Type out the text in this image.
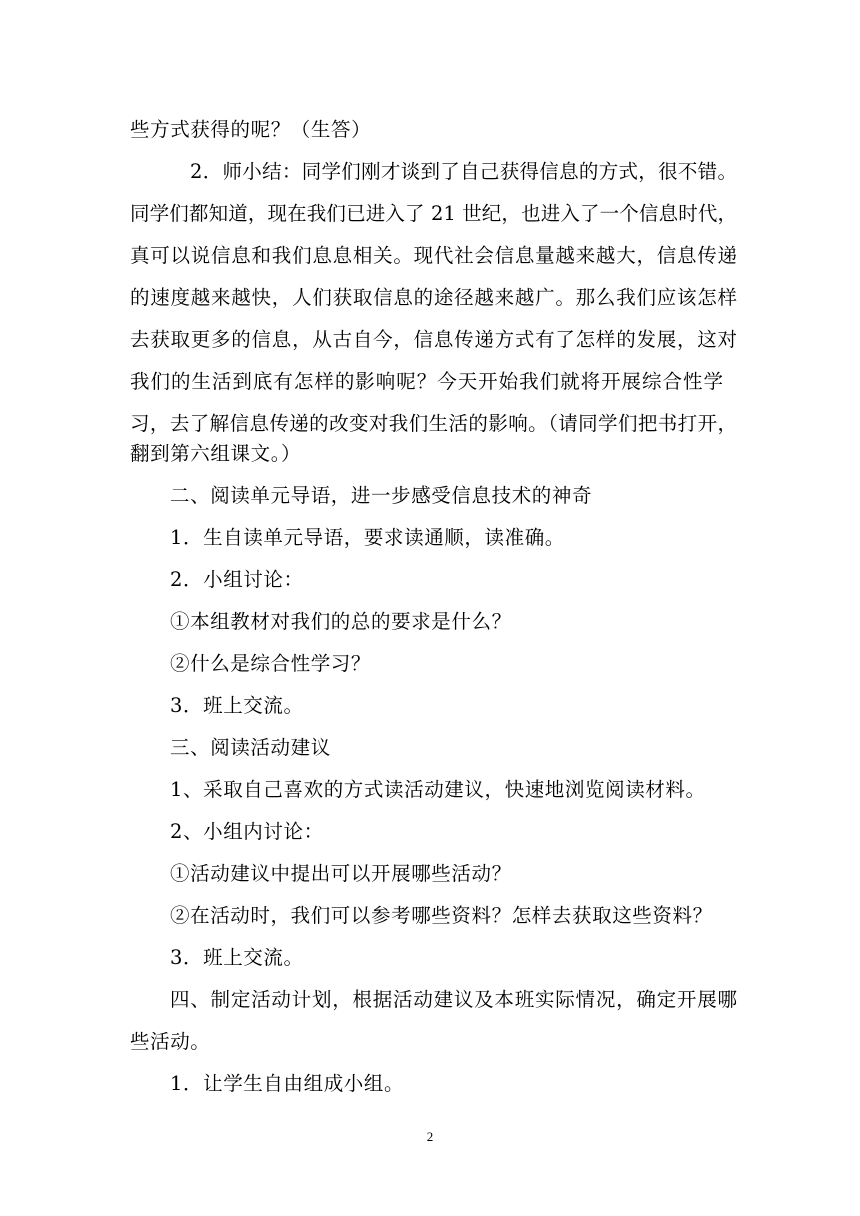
些方式获得的呢？（生答）
2．师小结：同学们刚才谈到了自己获得信息的方式，很不错。
同学们都知道，现在我们已进入了 21 世纪，也进入了一个信息时代，
真可以说信息和我们息息相关。现代社会信息量越来越大，信息传递
的速度越来越快，人们获取信息的途径越来越广。那么我们应该怎样
去获取更多的信息，从古自今，信息传递方式有了怎样的发展，这对
我们的生活到底有怎样的影响呢？今天开始我们就将开展综合性学
习，去了解信息传递的改变对我们生活的影响。（请同学们把书打开，
翻到第六组课文。）
二、阅读单元导语，进一步感受信息技术的神奇
1．生自读单元导语，要求读通顺，读准确。
2．小组讨论：
①本组教材对我们的总的要求是什么？
②什么是综合性学习？
3．班上交流。
三、阅读活动建议
1、采取自己喜欢的方式读活动建议，快速地浏览阅读材料。
2、小组内讨论：
①活动建议中提出可以开展哪些活动？
②在活动时，我们可以参考哪些资料？怎样去获取这些资料？
3．班上交流。
四、制定活动计划，根据活动建议及本班实际情况，确定开展哪
些活动。
1．让学生自由组成小组。
2
